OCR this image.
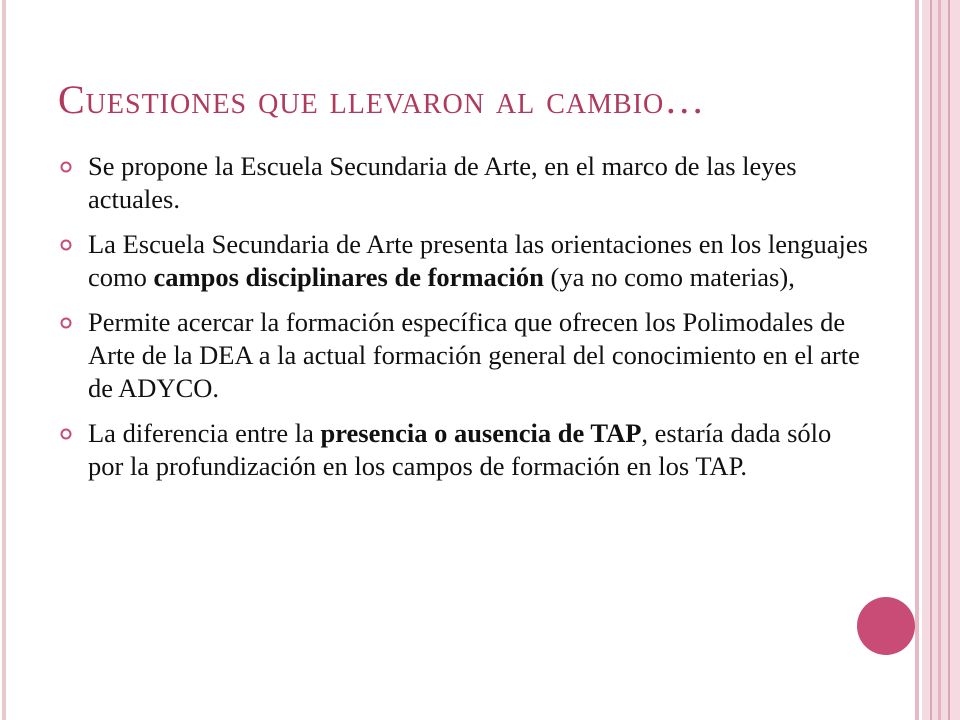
Cuestiones que llevaron al cambio…
Se propone la Escuela Secundaria de Arte, en el marco de las leyes actuales.
La Escuela Secundaria de Arte presenta las orientaciones en los lenguajes como campos disciplinares de formación (ya no como materias),
Permite acercar la formación específica que ofrecen los Polimodales de Arte de la DEA a la actual formación general del conocimiento en el arte de ADYCO.
La diferencia entre la presencia o ausencia de TAP, estaría dada sólo por la profundización en los campos de formación en los TAP.
